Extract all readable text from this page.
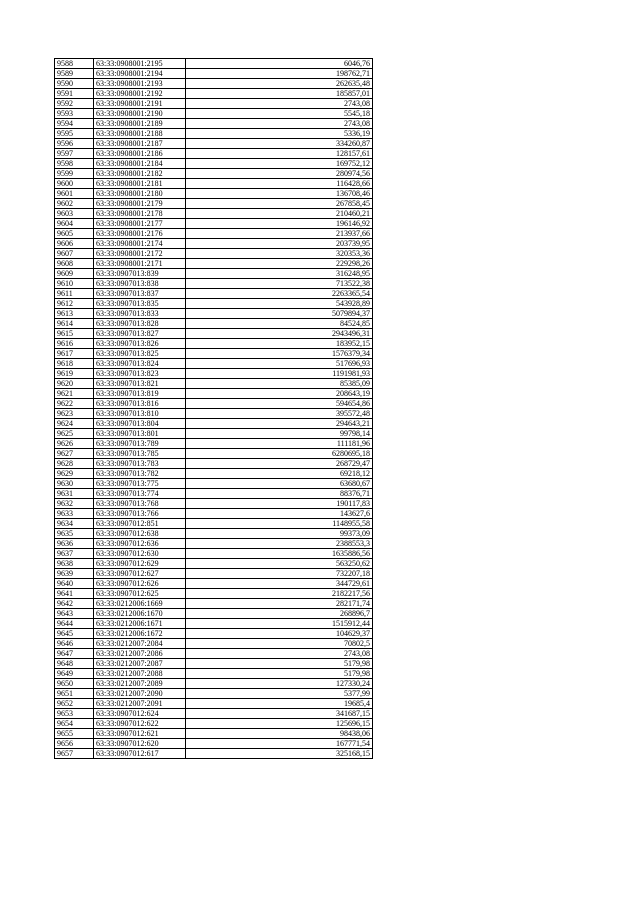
9588	63:33:0908001:2195	6046,76
9589	63:33:0908001:2194	198762,71
9590	63:33:0908001:2193	262635,48
9591	63:33:0908001:2192	185857,01
9592	63:33:0908001:2191	2743,08
9593	63:33:0908001:2190	5545,18
9594	63:33:0908001:2189	2743,08
9595	63:33:0908001:2188	5336,19
9596	63:33:0908001:2187	334260,87
9597	63:33:0908001:2186	128157,61
9598	63:33:0908001:2184	169752,12
9599	63:33:0908001:2182	280974,56
9600	63:33:0908001:2181	116428,66
9601	63:33:0908001:2180	136708,46
9602	63:33:0908001:2179	267858,45
9603	63:33:0908001:2178	210460,21
9604	63:33:0908001:2177	196146,92
9605	63:33:0908001:2176	213937,66
9606	63:33:0908001:2174	203739,95
9607	63:33:0908001:2172	320353,36
9608	63:33:0908001:2171	229298,26
9609	63:33:0907013:839	316248,95
9610	63:33:0907013:838	713522,38
9611	63:33:0907013:837	2263365,54
9612	63:33:0907013:835	543928,89
9613	63:33:0907013:833	5079894,37
9614	63:33:0907013:828	84524,85
9615	63:33:0907013:827	2943496,31
9616	63:33:0907013:826	183952,15
9617	63:33:0907013:825	1576379,34
9618	63:33:0907013:824	517696,93
9619	63:33:0907013:823	1191981,93
9620	63:33:0907013:821	85385,09
9621	63:33:0907013:819	208643,19
9622	63:33:0907013:816	594654,86
9623	63:33:0907013:810	395572,48
9624	63:33:0907013:804	294643,21
9625	63:33:0907013:801	99798,14
9626	63:33:0907013:789	111181,96
9627	63:33:0907013:785	6280695,18
9628	63:33:0907013:783	268729,47
9629	63:33:0907013:782	69218,12
9630	63:33:0907013:775	63680,67
9631	63:33:0907013:774	88376,71
9632	63:33:0907013:768	190117,83
9633	63:33:0907013:766	143627,6
9634	63:33:0907012:851	1148955,58
9635	63:33:0907012:638	99373,09
9636	63:33:0907012:636	2388553,3
9637	63:33:0907012:630	1635886,56
9638	63:33:0907012:629	563250,62
9639	63:33:0907012:627	732207,18
9640	63:33:0907012:626	344729,61
9641	63:33:0907012:625	2182217,56
9642	63:33:0212006:1669	282171,74
9643	63:33:0212006:1670	268896,7
9644	63:33:0212006:1671	1515912,44
9645	63:33:0212006:1672	104629,37
9646	63:33:0212007:2084	70802,5
9647	63:33:0212007:2086	2743,08
9648	63:33:0212007:2087	5179,98
9649	63:33:0212007:2088	5179,98
9650	63:33:0212007:2089	127330,24
9651	63:33:0212007:2090	5377,99
9652	63:33:0212007:2091	19685,4
9653	63:33:0907012:624	341687,15
9654	63:33:0907012:622	125696,15
9655	63:33:0907012:621	98438,06
9656	63:33:0907012:620	167771,54
9657	63:33:0907012:617	325168,15
